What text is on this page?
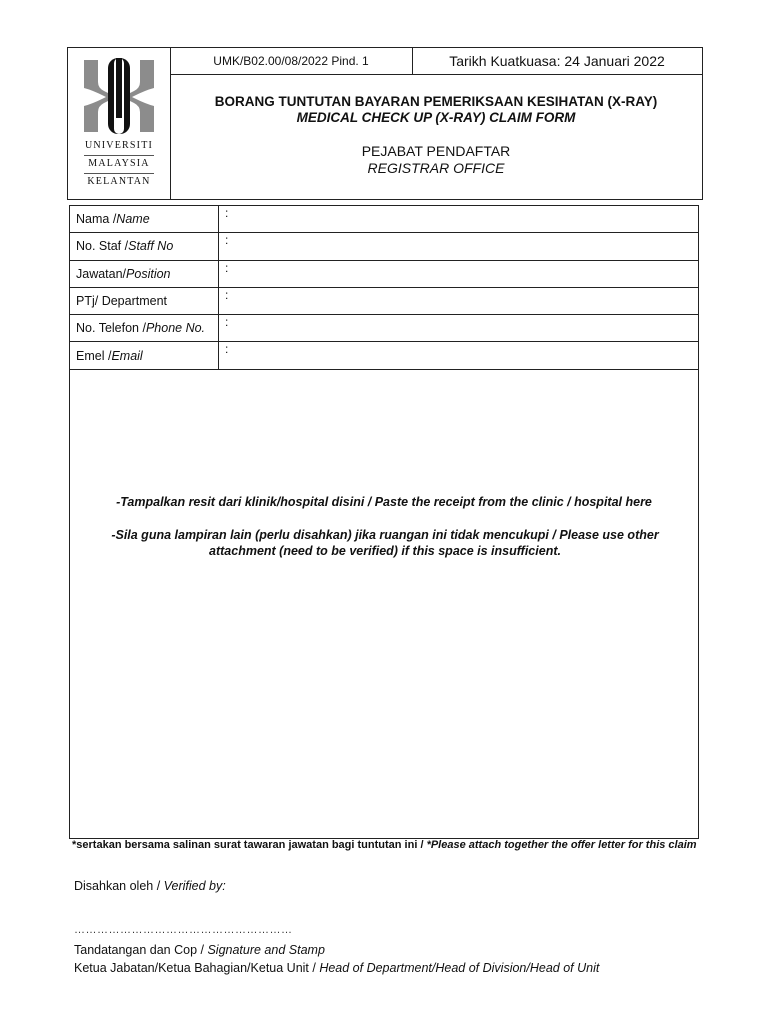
UNIVERSITI
MALAYSIA
KELANTAN
UMK/B02.00/08/2022 Pind. 1	Tarikh Kuatkuasa: 24 Januari 2022
BORANG TUNTUTAN BAYARAN PEMERIKSAAN KESIHATAN (X-RAY)
MEDICAL CHECK UP (X-RAY) CLAIM FORM
PEJABAT PENDAFTAR
REGISTRAR OFFICE
Nama / Name	:
No. Staf / Staff No	:
Jawatan/ Position	:
PTj/ Department	:
No. Telefon / Phone No.	:
Emel / Email	:
-Tampalkan resit dari klinik/hospital disini / Paste the receipt from the clinic / hospital here
-Sila guna lampiran lain (perlu disahkan) jika ruangan ini tidak mencukupi / Please use other attachment (need to be verified) if this space is insufficient.
*sertakan bersama salinan surat tawaran jawatan bagi tuntutan ini / *Please attach together the offer letter for this claim
Disahkan oleh / Verified by:
…………………………………………………
Tandatangan dan Cop / Signature and Stamp
Ketua Jabatan/Ketua Bahagian/Ketua Unit / Head of Department/Head of Division/Head of Unit
